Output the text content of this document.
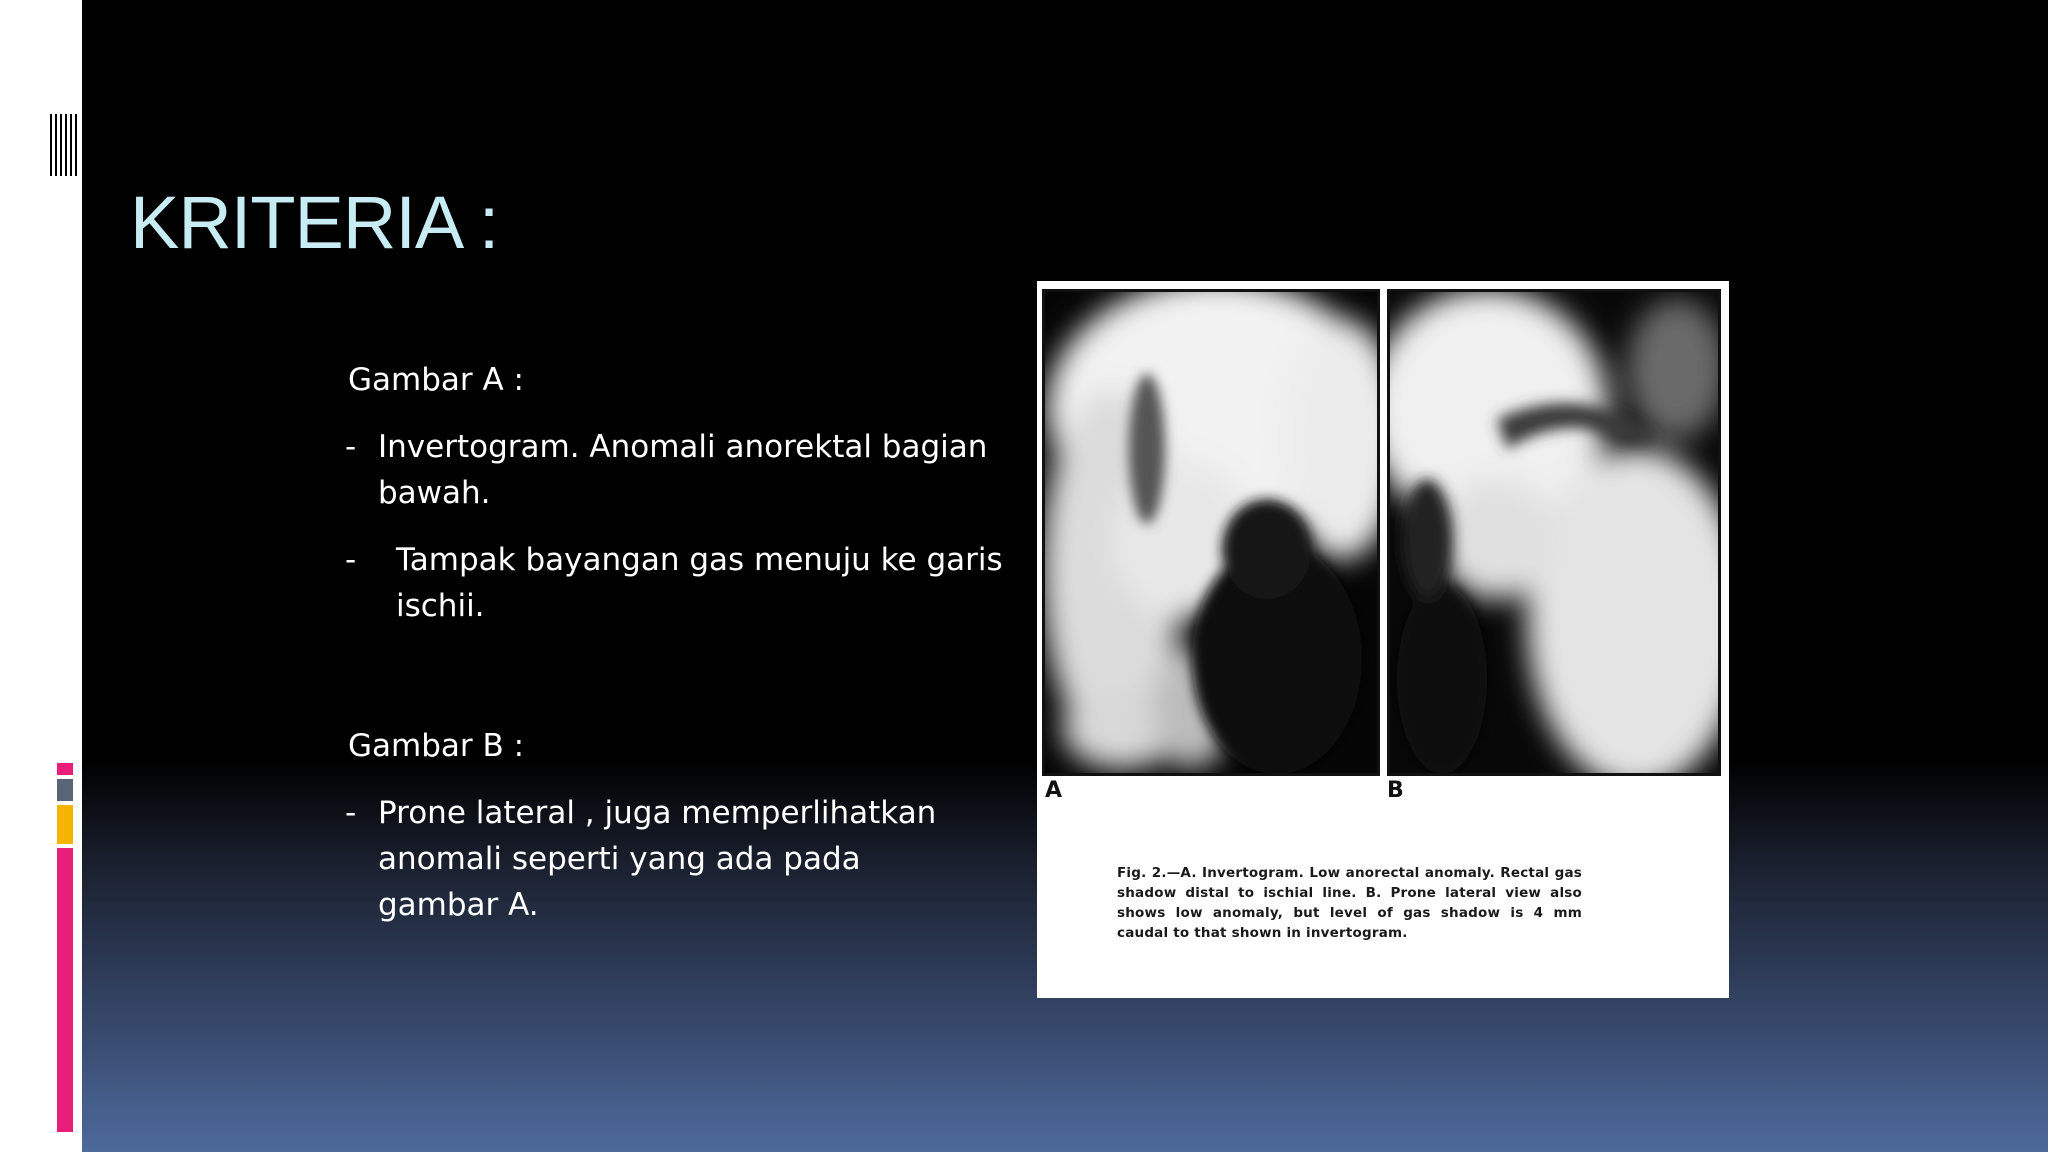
KRITERIA :

Gambar A :

- Invertogram. Anomali anorektal bagian
bawah.
- Tampak bayangan gas menuju ke garis
ischii.

Gambar B :

- Prone lateral , juga memperlihatkan
anomali seperti yang ada pada
gambar A.
A	B
Fig. 2.—A. Invertogram. Low anorectal anomaly. Rectal gas shadow distal to ischial line. B. Prone lateral view also shows low anomaly, but level of gas shadow is 4 mm caudal to that shown in invertogram.
